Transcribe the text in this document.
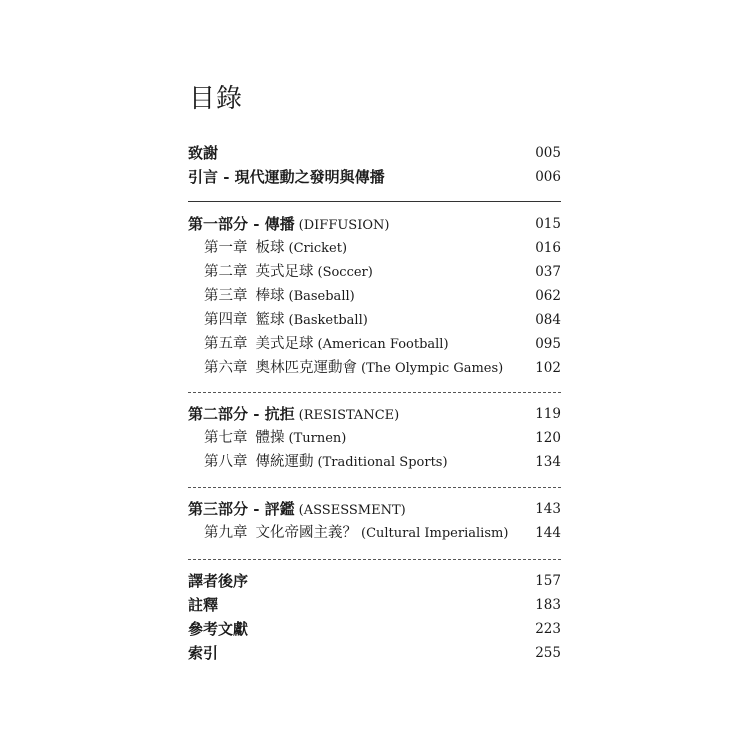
目錄
致謝	005
引言 - 現代運動之發明與傳播	006
第一部分 - 傳播 (DIFFUSION)	015
第一章 板球 (Cricket)	016
第二章 英式足球 (Soccer)	037
第三章 棒球 (Baseball)	062
第四章 籃球 (Basketball)	084
第五章 美式足球 (American Football)	095
第六章 奧林匹克運動會 (The Olympic Games) 102
第二部分 - 抗拒 (RESISTANCE)	119
第七章 體操 (Turnen)	120
第八章 傳統運動 (Traditional Sports)	134
第三部分 - 評鑑 (ASSESSMENT)	143
第九章 文化帝國主義？ (Cultural Imperialism) 144
譯者後序	157
註釋	183
參考文獻	223
索引	255
